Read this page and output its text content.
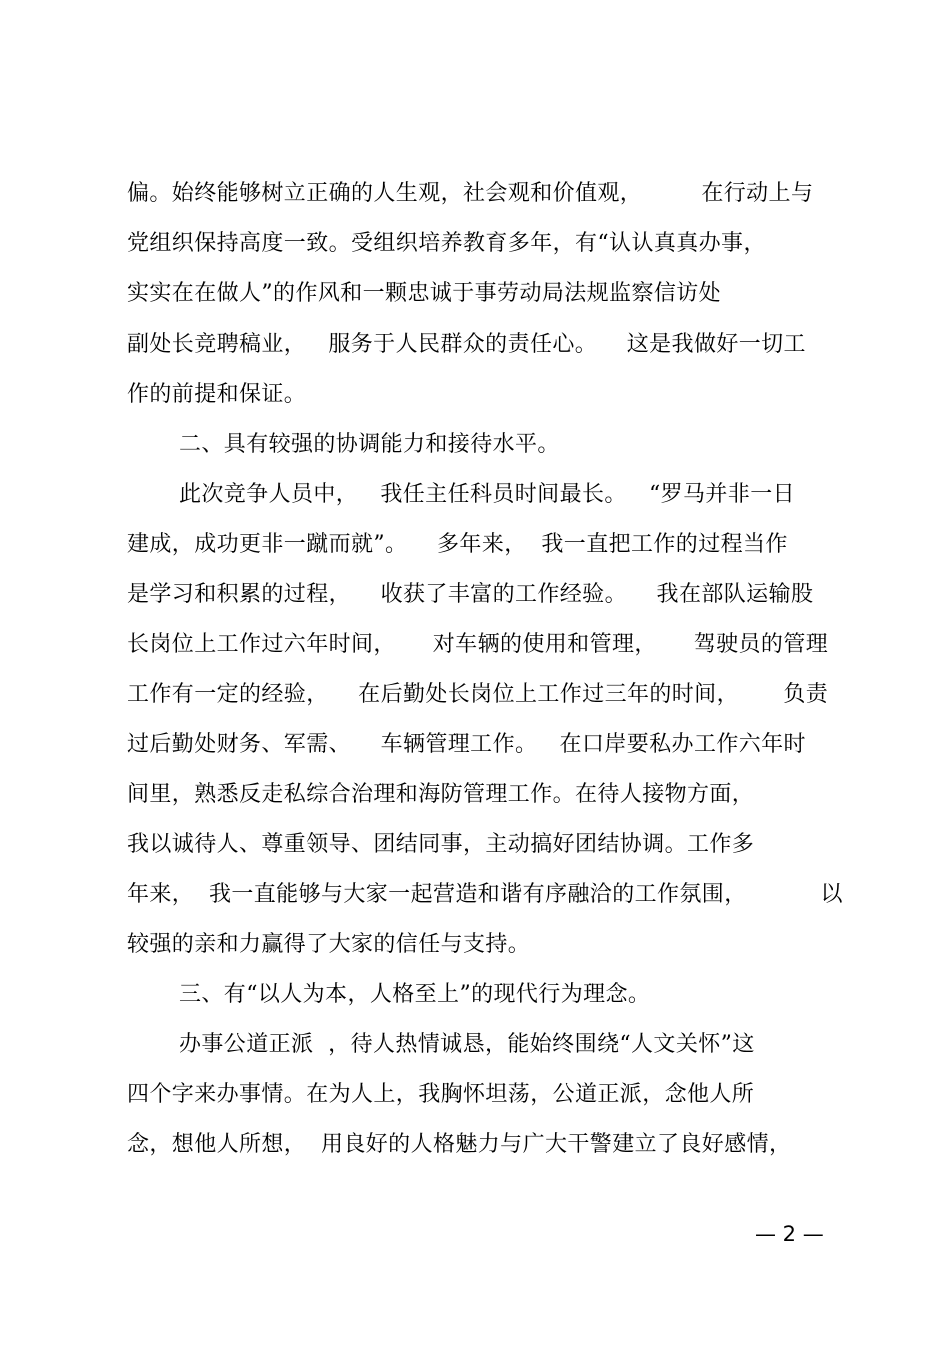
偏。始终能够树立正确的人生观，社会观和价值观，        在行动上与
党组织保持高度一致。受组织培养教育多年，有“认认真真办事，
实实在在做人”的作风和一颗忠诚于事劳动局法规监察信访处
副处长竞聘稿业，   服务于人民群众的责任心。    这是我做好一切工
作的前提和保证。
二、具有较强的协调能力和接待水平。
此次竞争人员中，   我任主任科员时间最长。   “罗马并非一日
建成，成功更非一蹴而就”。    多年来，  我一直把工作的过程当作
是学习和积累的过程，    收获了丰富的工作经验。    我在部队运输股
长岗位上工作过六年时间，     对车辆的使用和管理，     驾驶员的管理
工作有一定的经验，    在后勤处长岗位上工作过三年的时间，      负责
过后勤处财务、军需、    车辆管理工作。   在口岸要私办工作六年时
间里，熟悉反走私综合治理和海防管理工作。在待人接物方面，
我以诚待人、尊重领导、团结同事，主动搞好团结协调。工作多
年来，  我一直能够与大家一起营造和谐有序融洽的工作氛围，          以
较强的亲和力赢得了大家的信任与支持。
三、有“以人为本，人格至上”的现代行为理念。
办事公道正派  ，待人热情诚恳，能始终围绕“人文关怀”这
四个字来办事情。在为人上，我胸怀坦荡，公道正派，念他人所
念，想他人所想，  用良好的人格魅力与广大干警建立了良好感情，
— 2 —
